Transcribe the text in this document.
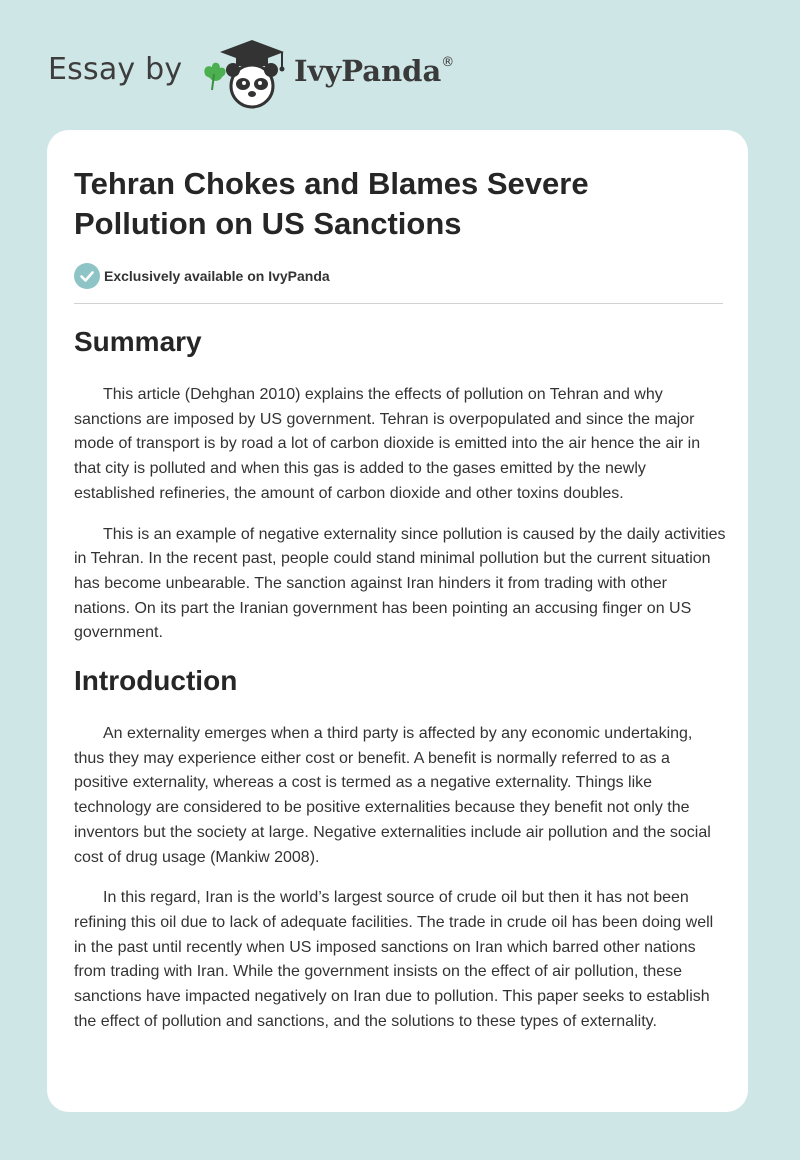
Essay by	IvyPanda®
Tehran Chokes and Blames Severe Pollution on US Sanctions
Exclusively available on IvyPanda
Summary

This article (Dehghan 2010) explains the effects of pollution on Tehran and why sanctions are imposed by US government. Tehran is overpopulated and since the major mode of transport is by road a lot of carbon dioxide is emitted into the air hence the air in that city is polluted and when this gas is added to the gases emitted by the newly established refineries, the amount of carbon dioxide and other toxins doubles.

This is an example of negative externality since pollution is caused by the daily activities in Tehran. In the recent past, people could stand minimal pollution but the current situation has become unbearable. The sanction against Iran hinders it from trading with other nations. On its part the Iranian government has been pointing an accusing finger on US government.

Introduction

An externality emerges when a third party is affected by any economic undertaking, thus they may experience either cost or benefit. A benefit is normally referred to as a positive externality, whereas a cost is termed as a negative externality. Things like technology are considered to be positive externalities because they benefit not only the inventors but the society at large. Negative externalities include air pollution and the social cost of drug usage (Mankiw 2008).

In this regard, Iran is the world’s largest source of crude oil but then it has not been refining this oil due to lack of adequate facilities. The trade in crude oil has been doing well in the past until recently when US imposed sanctions on Iran which barred other nations from trading with Iran. While the government insists on the effect of air pollution, these sanctions have impacted negatively on Iran due to pollution. This paper seeks to establish the effect of pollution and sanctions, and the solutions to these types of externality.
